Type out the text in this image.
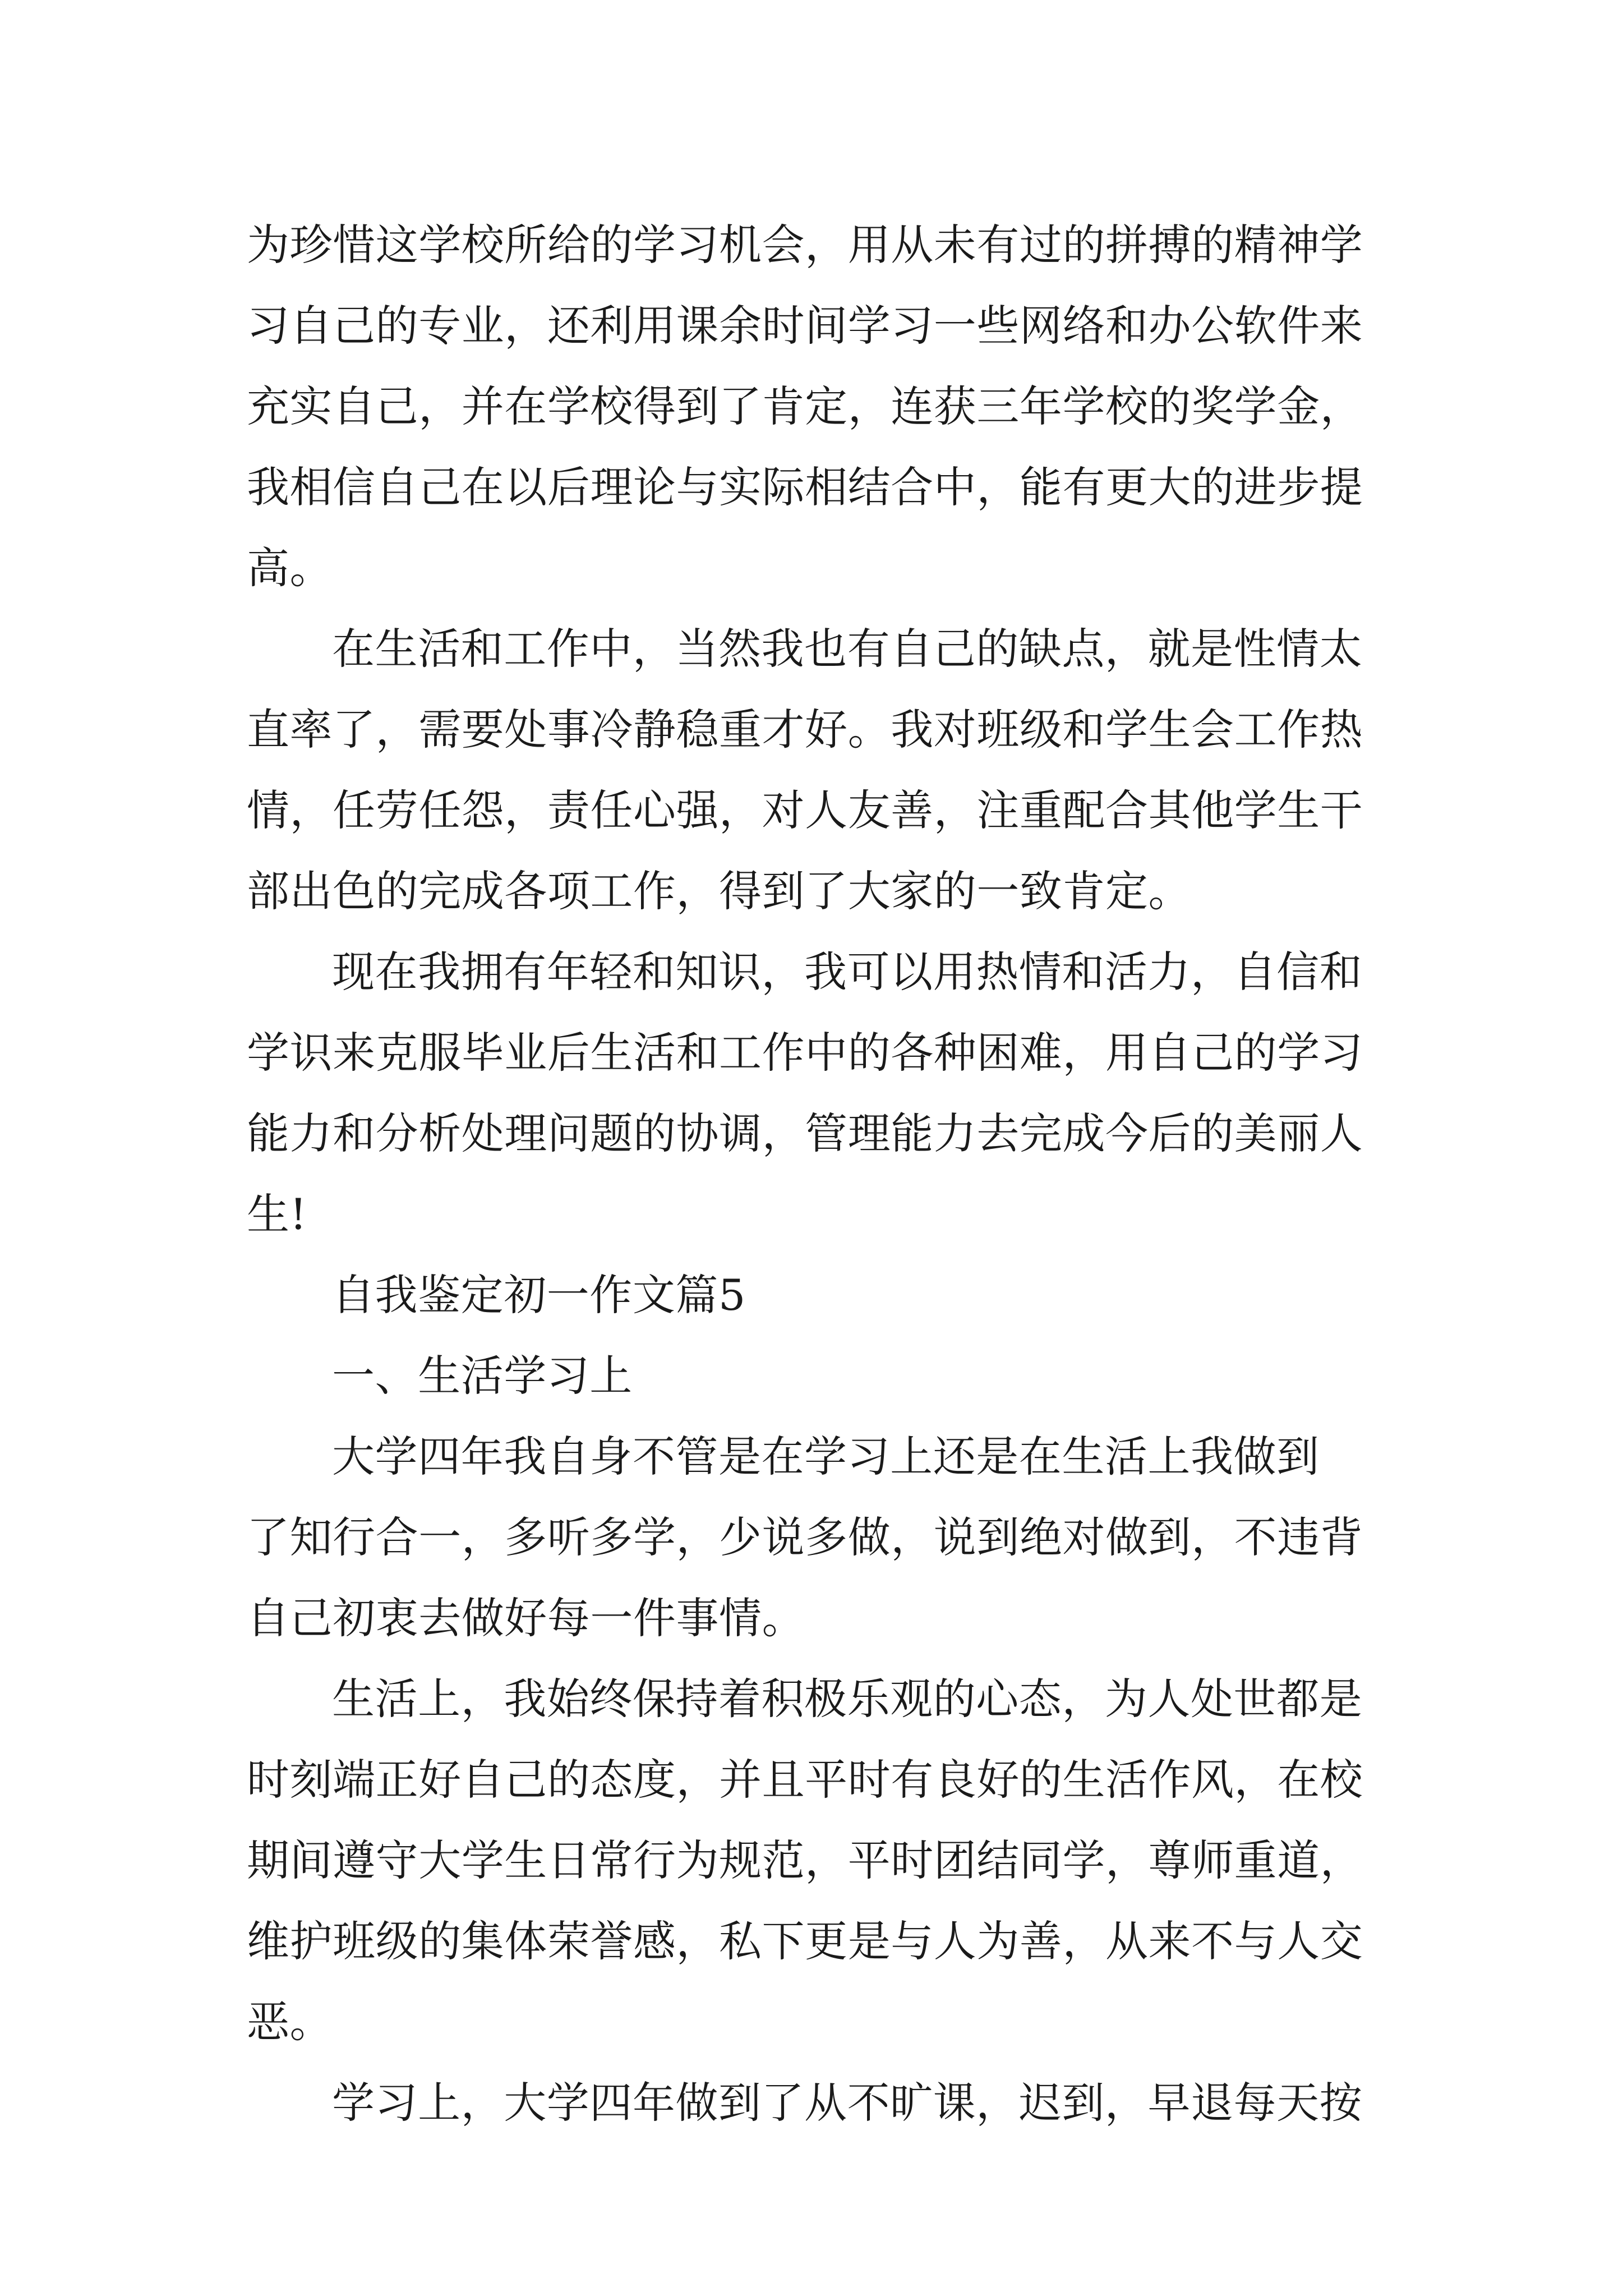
为珍惜这学校所给的学习机会，用从未有过的拼搏的精神学
习自己的专业，还利用课余时间学习一些网络和办公软件来
充实自己，并在学校得到了肯定，连获三年学校的奖学金，
我相信自己在以后理论与实际相结合中，能有更大的进步提
高。
在生活和工作中，当然我也有自己的缺点，就是性情太
直率了，需要处事冷静稳重才好。我对班级和学生会工作热
情，任劳任怨，责任心强，对人友善，注重配合其他学生干
部出色的完成各项工作，得到了大家的一致肯定。
现在我拥有年轻和知识，我可以用热情和活力，自信和
学识来克服毕业后生活和工作中的各种困难，用自己的学习
能力和分析处理问题的协调，管理能力去完成今后的美丽人
生!
自我鉴定初一作文篇5
一、生活学习上
大学四年我自身不管是在学习上还是在生活上我做到
了知行合一，多听多学，少说多做，说到绝对做到，不违背
自己初衷去做好每一件事情。
生活上，我始终保持着积极乐观的心态，为人处世都是
时刻端正好自己的态度，并且平时有良好的生活作风，在校
期间遵守大学生日常行为规范，平时团结同学，尊师重道，
维护班级的集体荣誉感，私下更是与人为善，从来不与人交
恶。
学习上，大学四年做到了从不旷课，迟到，早退每天按
